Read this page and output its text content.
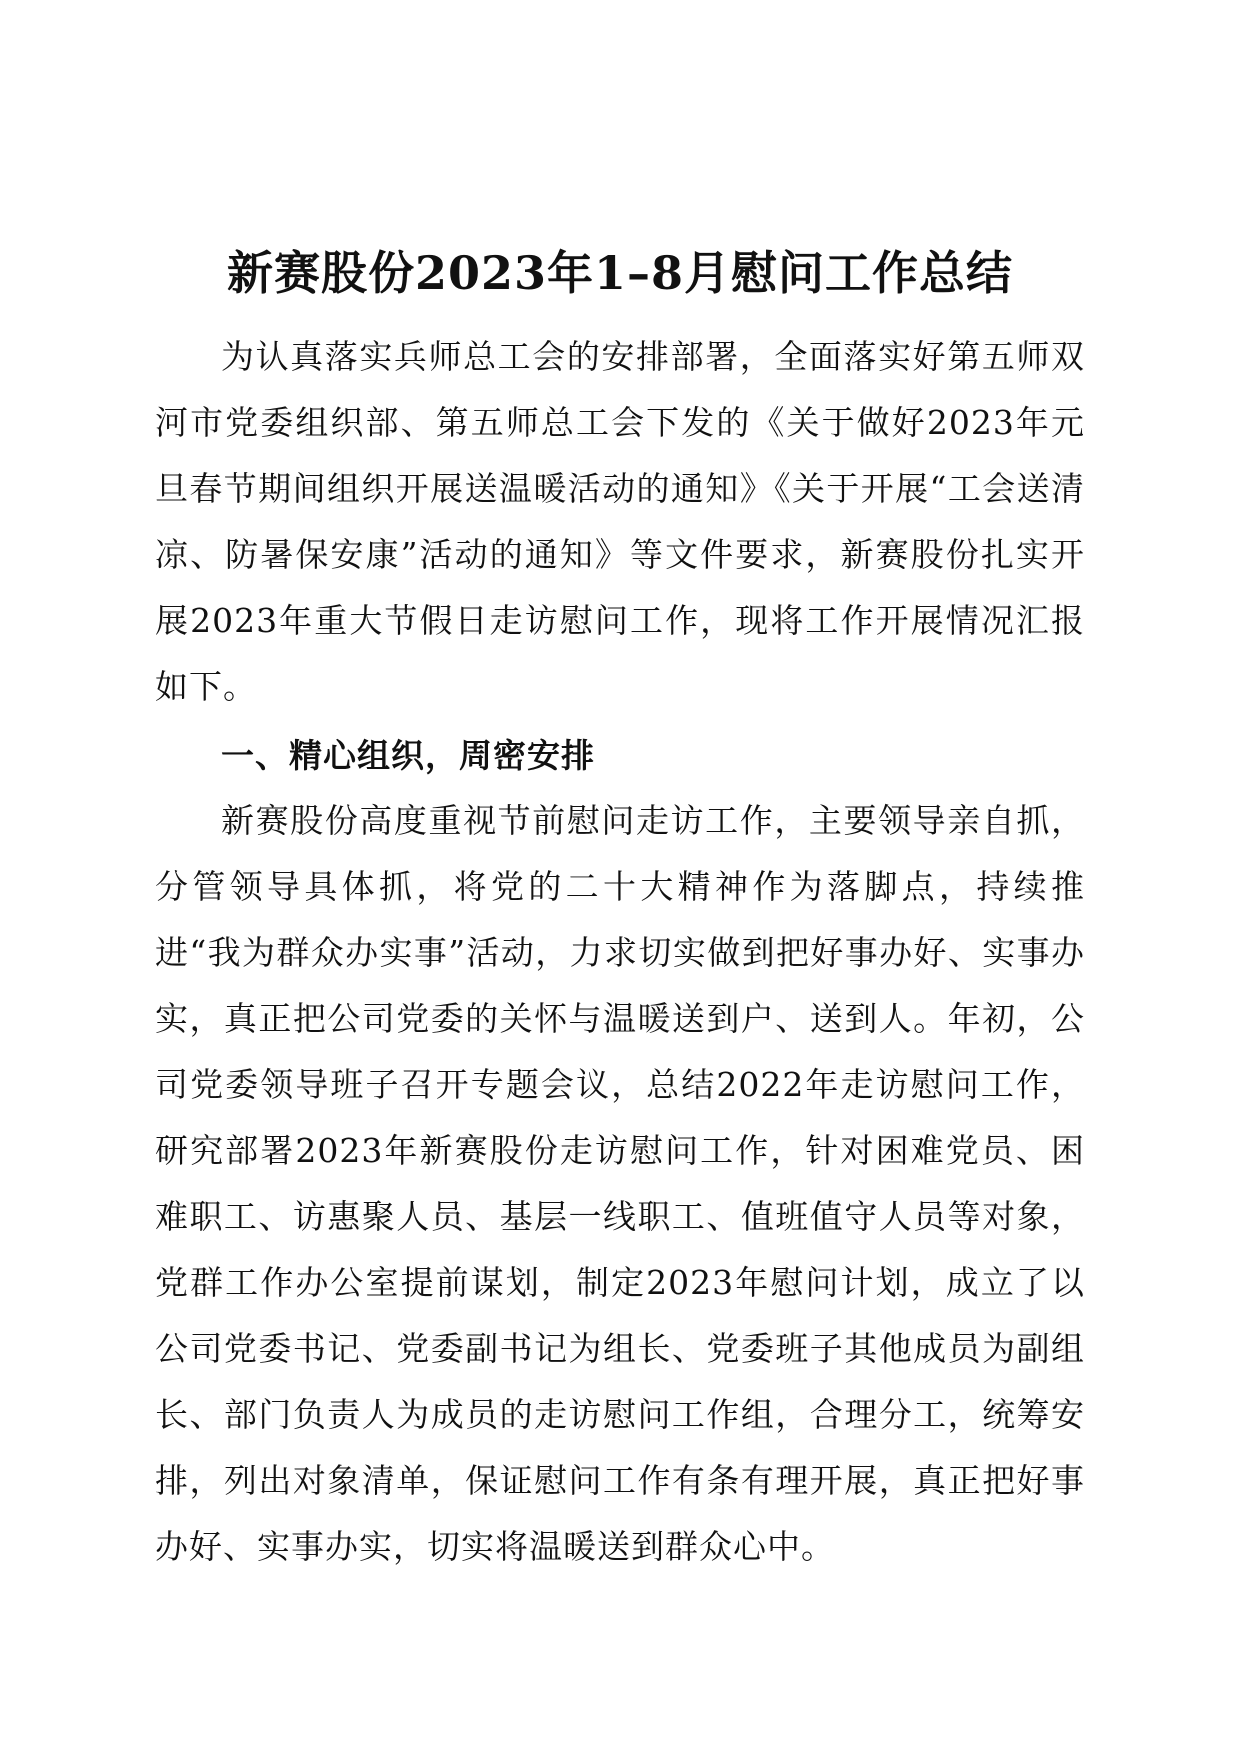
新赛股份2023年1–8月慰问工作总结

为认真落实兵师总工会的安排部署，全面落实好第五师双河市党委组织部、第五师总工会下发的《关于做好2023年元旦春节期间组织开展送温暖活动的通知》《关于开展“工会送清凉、防暑保安康”活动的通知》等文件要求，新赛股份扎实开展2023年重大节假日走访慰问工作，现将工作开展情况汇报如下。

一、精心组织，周密安排

新赛股份高度重视节前慰问走访工作，主要领导亲自抓，分管领导具体抓，将党的二十大精神作为落脚点，持续推进“我为群众办实事”活动，力求切实做到把好事办好、实事办实，真正把公司党委的关怀与温暖送到户、送到人。年初，公司党委领导班子召开专题会议，总结2022年走访慰问工作，研究部署2023年新赛股份走访慰问工作，针对困难党员、困难职工、访惠聚人员、基层一线职工、值班值守人员等对象，党群工作办公室提前谋划，制定2023年慰问计划，成立了以公司党委书记、党委副书记为组长、党委班子其他成员为副组长、部门负责人为成员的走访慰问工作组，合理分工，统筹安排，列出对象清单，保证慰问工作有条有理开展，真正把好事办好、实事办实，切实将温暖送到群众心中。
